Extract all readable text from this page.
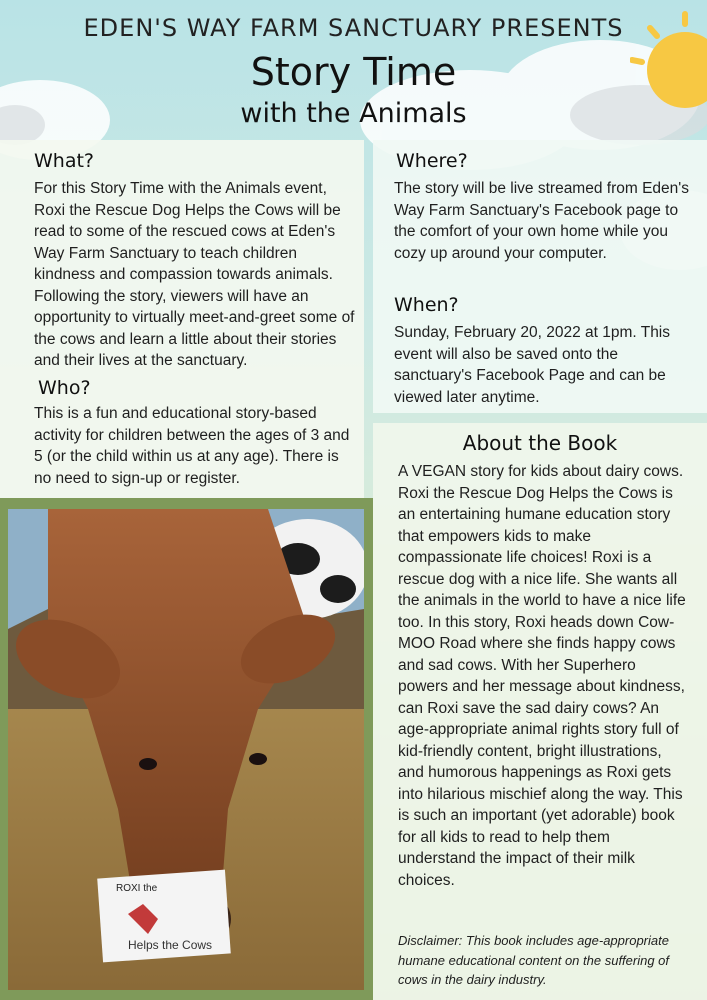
EDEN'S WAY FARM SANCTUARY PRESENTS
Story Time
with the Animals
What?

For this Story Time with the Animals event, Roxi the Rescue Dog Helps the Cows will be read to some of the rescued cows at Eden's Way Farm Sanctuary to teach children kindness and compassion towards animals. Following the story, viewers will have an opportunity to virtually meet-and-greet some of the cows and learn a little about their stories and their lives at the sanctuary.

Who?

This is a fun and educational story-based activity for children between the ages of 3 and 5 (or the child within us at any age). There is no need to sign-up or register.

Where?

The story will be live streamed from Eden's Way Farm Sanctuary's Facebook page to the comfort of your own home while you cozy up around your computer.

When?

Sunday, February 20, 2022 at 1pm. This event will also be saved onto the sanctuary's Facebook Page and can be viewed later anytime.

About the Book

A VEGAN story for kids about dairy cows. Roxi the Rescue Dog Helps the Cows is an entertaining humane education story that empowers kids to make compassionate life choices! Roxi is a rescue dog with a nice life. She wants all the animals in the world to have a nice life too. In this story, Roxi heads down Cow-MOO Road where she finds happy cows and sad cows. With her Superhero powers and her message about kindness, can Roxi save the sad dairy cows? An age-appropriate animal rights story full of kid-friendly content, bright illustrations, and humorous happenings as Roxi gets into hilarious mischief along the way. This is such an important (yet adorable) book for all kids to read to help them understand the impact of their milk choices.

Disclaimer: This book includes age-appropriate humane educational content on the suffering of cows in the dairy industry.

ROXI the
Helps the Cows
